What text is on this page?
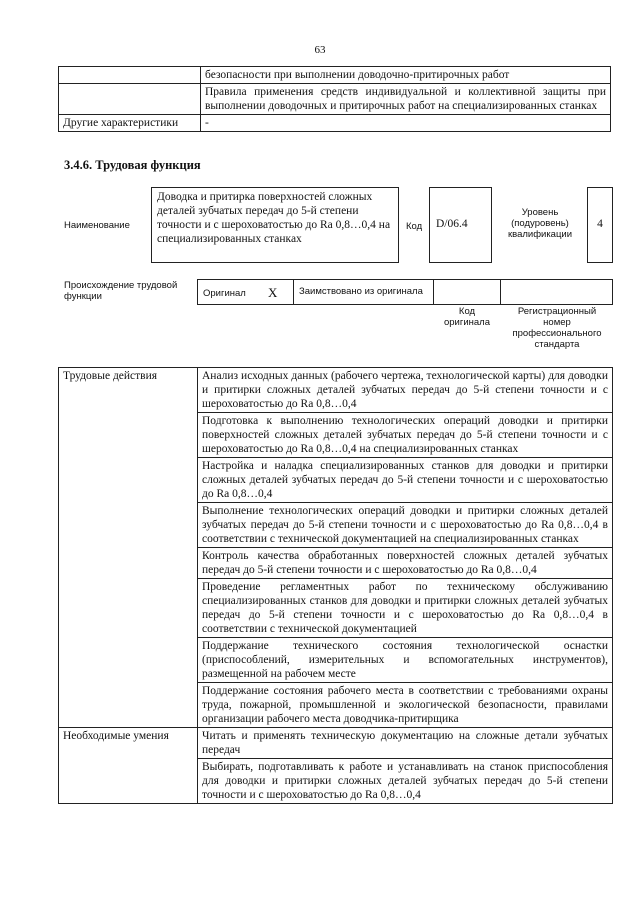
63
	безопасности при выполнении доводочно-притирочных работ
	Правила применения средств индивидуальной и коллективной защиты при выполнении доводочных и притирочных работ на специализированных станках
Другие характеристики	-
3.4.6. Трудовая функция
Наименование
Доводка и притирка поверхностей сложных деталей зубчатых передач до 5-й степени точности и с шероховатостью до Ra 0,8…0,4 на специализированных станках
Код	D/06.4
Уровень (подуровень) квалификации
4
Происхождение трудовой функции	Оригинал X	Заимствовано из оригинала
Код оригинала
Регистрационный номер профессионального стандарта
Трудовые действия	Анализ исходных данных (рабочего чертежа, технологической карты) для доводки и притирки сложных деталей зубчатых передач до 5-й степени точности и с шероховатостью до Ra 0,8…0,4
	Подготовка к выполнению технологических операций доводки и притирки поверхностей сложных деталей зубчатых передач до 5-й степени точности и с шероховатостью до Ra 0,8…0,4 на специализированных станках
	Настройка и наладка специализированных станков для доводки и притирки сложных деталей зубчатых передач до 5-й степени точности и с шероховатостью до Ra 0,8…0,4
	Выполнение технологических операций доводки и притирки сложных деталей зубчатых передач до 5-й степени точности и с шероховатостью до Ra 0,8…0,4 в соответствии с технической документацией на специализированных станках
	Контроль качества обработанных поверхностей сложных деталей зубчатых передач до 5-й степени точности и с шероховатостью до Ra 0,8…0,4
	Проведение регламентных работ по техническому обслуживанию специализированных станков для доводки и притирки сложных деталей зубчатых передач до 5-й степени точности и с шероховатостью до Ra 0,8…0,4 в соответствии с технической документацией
	Поддержание технического состояния технологической оснастки (приспособлений, измерительных и вспомогательных инструментов), размещенной на рабочем месте
	Поддержание состояния рабочего места в соответствии с требованиями охраны труда, пожарной, промышленной и экологической безопасности, правилами организации рабочего места доводчика-притирщика
Необходимые умения	Читать и применять техническую документацию на сложные детали зубчатых передач
	Выбирать, подготавливать к работе и устанавливать на станок приспособления для доводки и притирки сложных деталей зубчатых передач до 5-й степени точности и с шероховатостью до Ra 0,8…0,4
